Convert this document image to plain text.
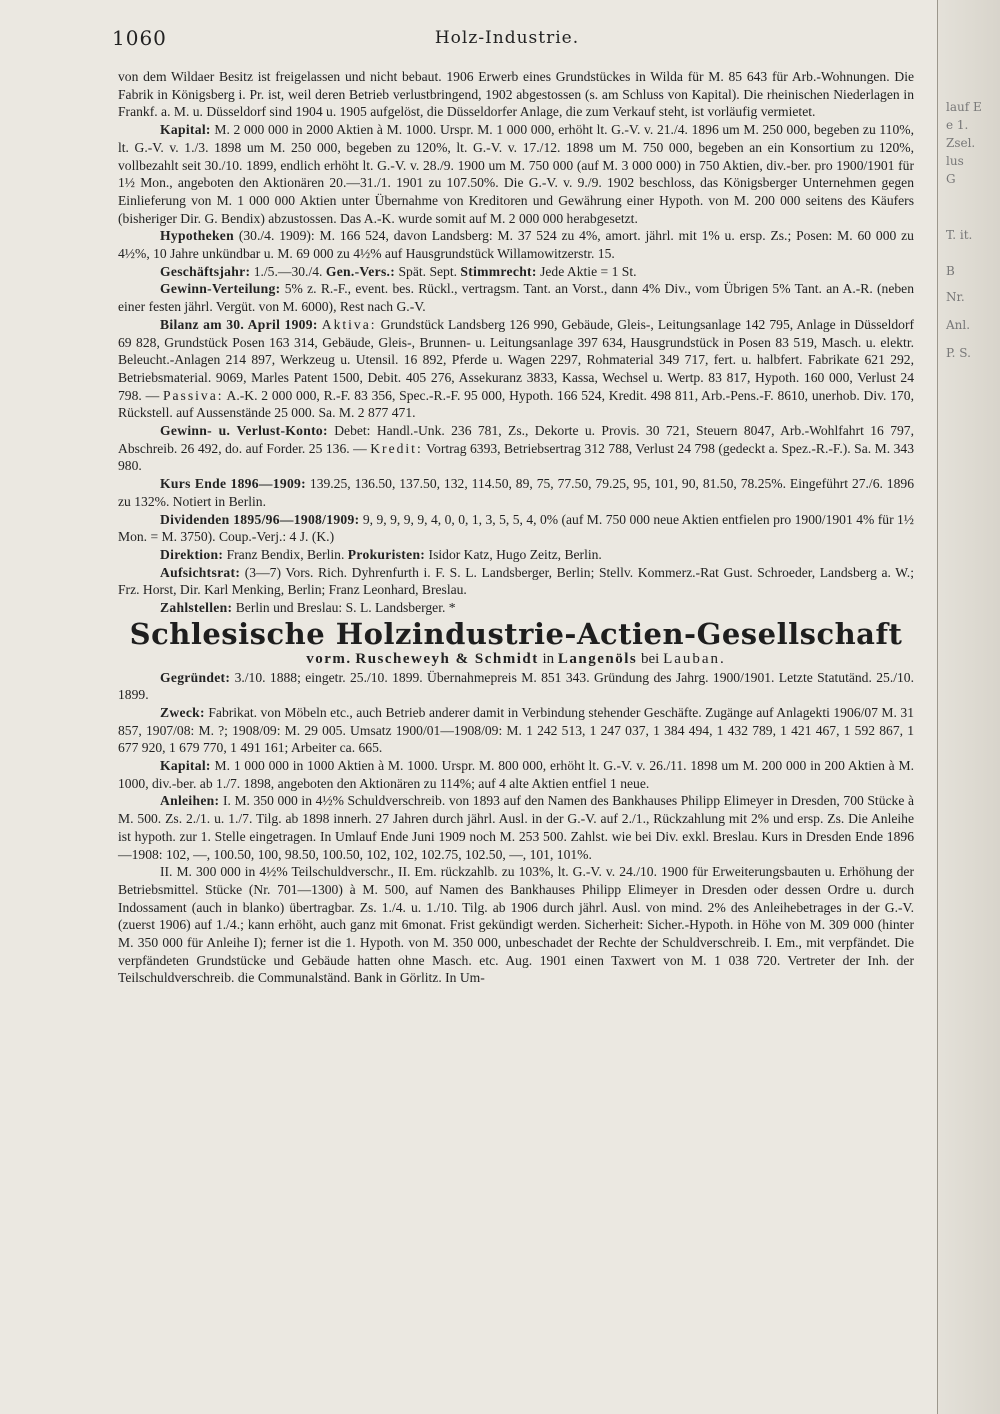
lauf E
e 1.
Zsel.
lus
G
T. it.
B
Nr.
Anl.
P. S.
1060	Holz-Industrie.

von dem Wildaer Besitz ist freigelassen und nicht bebaut. 1906 Erwerb eines Grundstückes in Wilda für M. 85 643 für Arb.-Wohnungen. Die Fabrik in Königsberg i. Pr. ist, weil deren Betrieb verlustbringend, 1902 abgestossen (s. am Schluss von Kapital). Die rheinischen Niederlagen in Frankf. a. M. u. Düsseldorf sind 1904 u. 1905 aufgelöst, die Düsseldorfer Anlage, die zum Verkauf steht, ist vorläufig vermietet.

Kapital: M. 2 000 000 in 2000 Aktien à M. 1000. Urspr. M. 1 000 000, erhöht lt. G.-V. v. 21./4. 1896 um M. 250 000, begeben zu 110%, lt. G.-V. v. 1./3. 1898 um M. 250 000, begeben zu 120%, lt. G.-V. v. 17./12. 1898 um M. 750 000, begeben an ein Konsortium zu 120%, vollbezahlt seit 30./10. 1899, endlich erhöht lt. G.-V. v. 28./9. 1900 um M. 750 000 (auf M. 3 000 000) in 750 Aktien, div.-ber. pro 1900/1901 für 1½ Mon., angeboten den Aktionären 20.—31./1. 1901 zu 107.50%. Die G.-V. v. 9./9. 1902 beschloss, das Königsberger Unternehmen gegen Einlieferung von M. 1 000 000 Aktien unter Übernahme von Kreditoren und Gewährung einer Hypoth. von M. 200 000 seitens des Käufers (bisheriger Dir. G. Bendix) abzustossen. Das A.-K. wurde somit auf M. 2 000 000 herabgesetzt.

Hypotheken (30./4. 1909): M. 166 524, davon Landsberg: M. 37 524 zu 4%, amort. jährl. mit 1% u. ersp. Zs.; Posen: M. 60 000 zu 4½%, 10 Jahre unkündbar u. M. 69 000 zu 4½% auf Hausgrundstück Willamowitzerstr. 15.

Geschäftsjahr: 1./5.—30./4. Gen.-Vers.: Spät. Sept. Stimmrecht: Jede Aktie = 1 St.

Gewinn-Verteilung: 5% z. R.-F., event. bes. Rückl., vertragsm. Tant. an Vorst., dann 4% Div., vom Übrigen 5% Tant. an A.-R. (neben einer festen jährl. Vergüt. von M. 6000), Rest nach G.-V.

Bilanz am 30. April 1909: Aktiva: Grundstück Landsberg 126 990, Gebäude, Gleis-, Leitungsanlage 142 795, Anlage in Düsseldorf 69 828, Grundstück Posen 163 314, Gebäude, Gleis-, Brunnen- u. Leitungsanlage 397 634, Hausgrundstück in Posen 83 519, Masch. u. elektr. Beleucht.-Anlagen 214 897, Werkzeug u. Utensil. 16 892, Pferde u. Wagen 2297, Rohmaterial 349 717, fert. u. halbfert. Fabrikate 621 292, Betriebsmaterial. 9069, Marles Patent 1500, Debit. 405 276, Assekuranz 3833, Kassa, Wechsel u. Wertp. 83 817, Hypoth. 160 000, Verlust 24 798. — Passiva: A.-K. 2 000 000, R.-F. 83 356, Spec.-R.-F. 95 000, Hypoth. 166 524, Kredit. 498 811, Arb.-Pens.-F. 8610, unerhob. Div. 170, Rückstell. auf Aussenstände 25 000. Sa. M. 2 877 471.

Gewinn- u. Verlust-Konto: Debet: Handl.-Unk. 236 781, Zs., Dekorte u. Provis. 30 721, Steuern 8047, Arb.-Wohlfahrt 16 797, Abschreib. 26 492, do. auf Forder. 25 136. — Kredit: Vortrag 6393, Betriebsertrag 312 788, Verlust 24 798 (gedeckt a. Spez.-R.-F.). Sa. M. 343 980.

Kurs Ende 1896—1909: 139.25, 136.50, 137.50, 132, 114.50, 89, 75, 77.50, 79.25, 95, 101, 90, 81.50, 78.25%. Eingeführt 27./6. 1896 zu 132%. Notiert in Berlin.

Dividenden 1895/96—1908/1909: 9, 9, 9, 9, 9, 4, 0, 0, 1, 3, 5, 5, 4, 0% (auf M. 750 000 neue Aktien entfielen pro 1900/1901 4% für 1½ Mon. = M. 3750). Coup.-Verj.: 4 J. (K.)

Direktion: Franz Bendix, Berlin. Prokuristen: Isidor Katz, Hugo Zeitz, Berlin.

Aufsichtsrat: (3—7) Vors. Rich. Dyhrenfurth i. F. S. L. Landsberger, Berlin; Stellv. Kommerz.-Rat Gust. Schroeder, Landsberg a. W.; Frz. Horst, Dir. Karl Menking, Berlin; Franz Leonhard, Breslau.

Zahlstellen: Berlin und Breslau: S. L. Landsberger. *

Schlesische Holzindustrie-Actien-Gesellschaft

vorm. Ruscheweyh & Schmidt in Langenöls bei Lauban.

Gegründet: 3./10. 1888; eingetr. 25./10. 1899. Übernahmepreis M. 851 343. Gründung des Jahrg. 1900/1901. Letzte Statutänd. 25./10. 1899.

Zweck: Fabrikat. von Möbeln etc., auch Betrieb anderer damit in Verbindung stehender Geschäfte. Zugänge auf Anlagekti 1906/07 M. 31 857, 1907/08: M. ?; 1908/09: M. 29 005. Umsatz 1900/01—1908/09: M. 1 242 513, 1 247 037, 1 384 494, 1 432 789, 1 421 467, 1 592 867, 1 677 920, 1 679 770, 1 491 161; Arbeiter ca. 665.

Kapital: M. 1 000 000 in 1000 Aktien à M. 1000. Urspr. M. 800 000, erhöht lt. G.-V. v. 26./11. 1898 um M. 200 000 in 200 Aktien à M. 1000, div.-ber. ab 1./7. 1898, angeboten den Aktionären zu 114%; auf 4 alte Aktien entfiel 1 neue.

Anleihen: I. M. 350 000 in 4½% Schuldverschreib. von 1893 auf den Namen des Bankhauses Philipp Elimeyer in Dresden, 700 Stücke à M. 500. Zs. 2./1. u. 1./7. Tilg. ab 1898 innerh. 27 Jahren durch jährl. Ausl. in der G.-V. auf 2./1., Rückzahlung mit 2% und ersp. Zs. Die Anleihe ist hypoth. zur 1. Stelle eingetragen. In Umlauf Ende Juni 1909 noch M. 253 500. Zahlst. wie bei Div. exkl. Breslau. Kurs in Dresden Ende 1896—1908: 102, —, 100.50, 100, 98.50, 100.50, 102, 102, 102.75, 102.50, —, 101, 101%.

II. M. 300 000 in 4½% Teilschuldverschr., II. Em. rückzahlb. zu 103%, lt. G.-V. v. 24./10. 1900 für Erweiterungsbauten u. Erhöhung der Betriebsmittel. Stücke (Nr. 701—1300) à M. 500, auf Namen des Bankhauses Philipp Elimeyer in Dresden oder dessen Ordre u. durch Indossament (auch in blanko) übertragbar. Zs. 1./4. u. 1./10. Tilg. ab 1906 durch jährl. Ausl. von mind. 2% des Anleihebetrages in der G.-V. (zuerst 1906) auf 1./4.; kann erhöht, auch ganz mit 6monat. Frist gekündigt werden. Sicherheit: Sicher.-Hypoth. in Höhe von M. 309 000 (hinter M. 350 000 für Anleihe I); ferner ist die 1. Hypoth. von M. 350 000, unbeschadet der Rechte der Schuldverschreib. I. Em., mit verpfändet. Die verpfändeten Grundstücke und Gebäude hatten ohne Masch. etc. Aug. 1901 einen Taxwert von M. 1 038 720. Vertreter der Inh. der Teilschuldverschreib. die Communalständ. Bank in Görlitz. In Um-
